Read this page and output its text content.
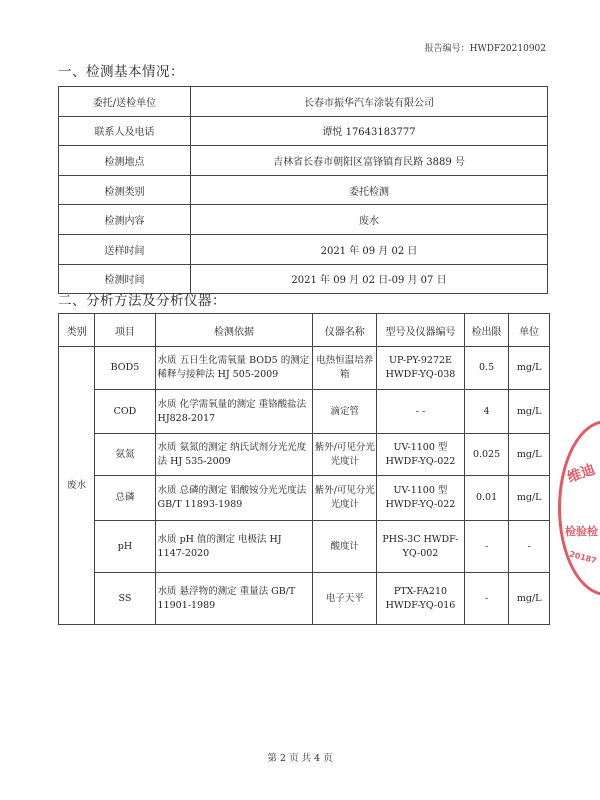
报告编号：HWDF20210902
一、检测基本情况：
委托/送检单位	长春市振华汽车涂装有限公司
联系人及电话	谭悦 17643183777
检测地点	吉林省长春市朝阳区富锋镇育民路 3889 号
检测类别	委托检测
检测内容	废水
送样时间	2021 年 09 月 02 日
检测时间	2021 年 09 月 02 日-09 月 07 日
二、分析方法及分析仪器：
类别	项目	检测依据	仪器名称	型号及仪器编号	检出限	单位
废水	BOD5	水质 五日生化需氧量 BOD5 的测定 稀释与接种法 HJ 505-2009	电热恒温培养箱	UP-PY-9272E HWDF-YQ-038	0.5	mg/L
	COD	水质 化学需氧量的测定 重铬酸盐法 HJ828-2017	滴定管	- -	4	mg/L
	氨氮	水质 氨氮的测定 纳氏试剂分光光度法 HJ 535-2009	紫外/可见分光光度计	UV-1100 型 HWDF-YQ-022	0.025	mg/L
	总磷	水质 总磷的测定 钼酸铵分光光度法 GB/T 11893-1989	紫外/可见分光光度计	UV-1100 型 HWDF-YQ-022	0.01	mg/L
	pH	水质 pH 值的测定 电极法 HJ 1147-2020	酸度计	PHS-3C HWDF-YQ-002	-	-
	SS	水质 悬浮物的测定 重量法 GB/T 11901-1989	电子天平	PTX-FA210 HWDF-YQ-016	-	mg/L
第 2 页 共 4 页
维迪
检验检
20187
